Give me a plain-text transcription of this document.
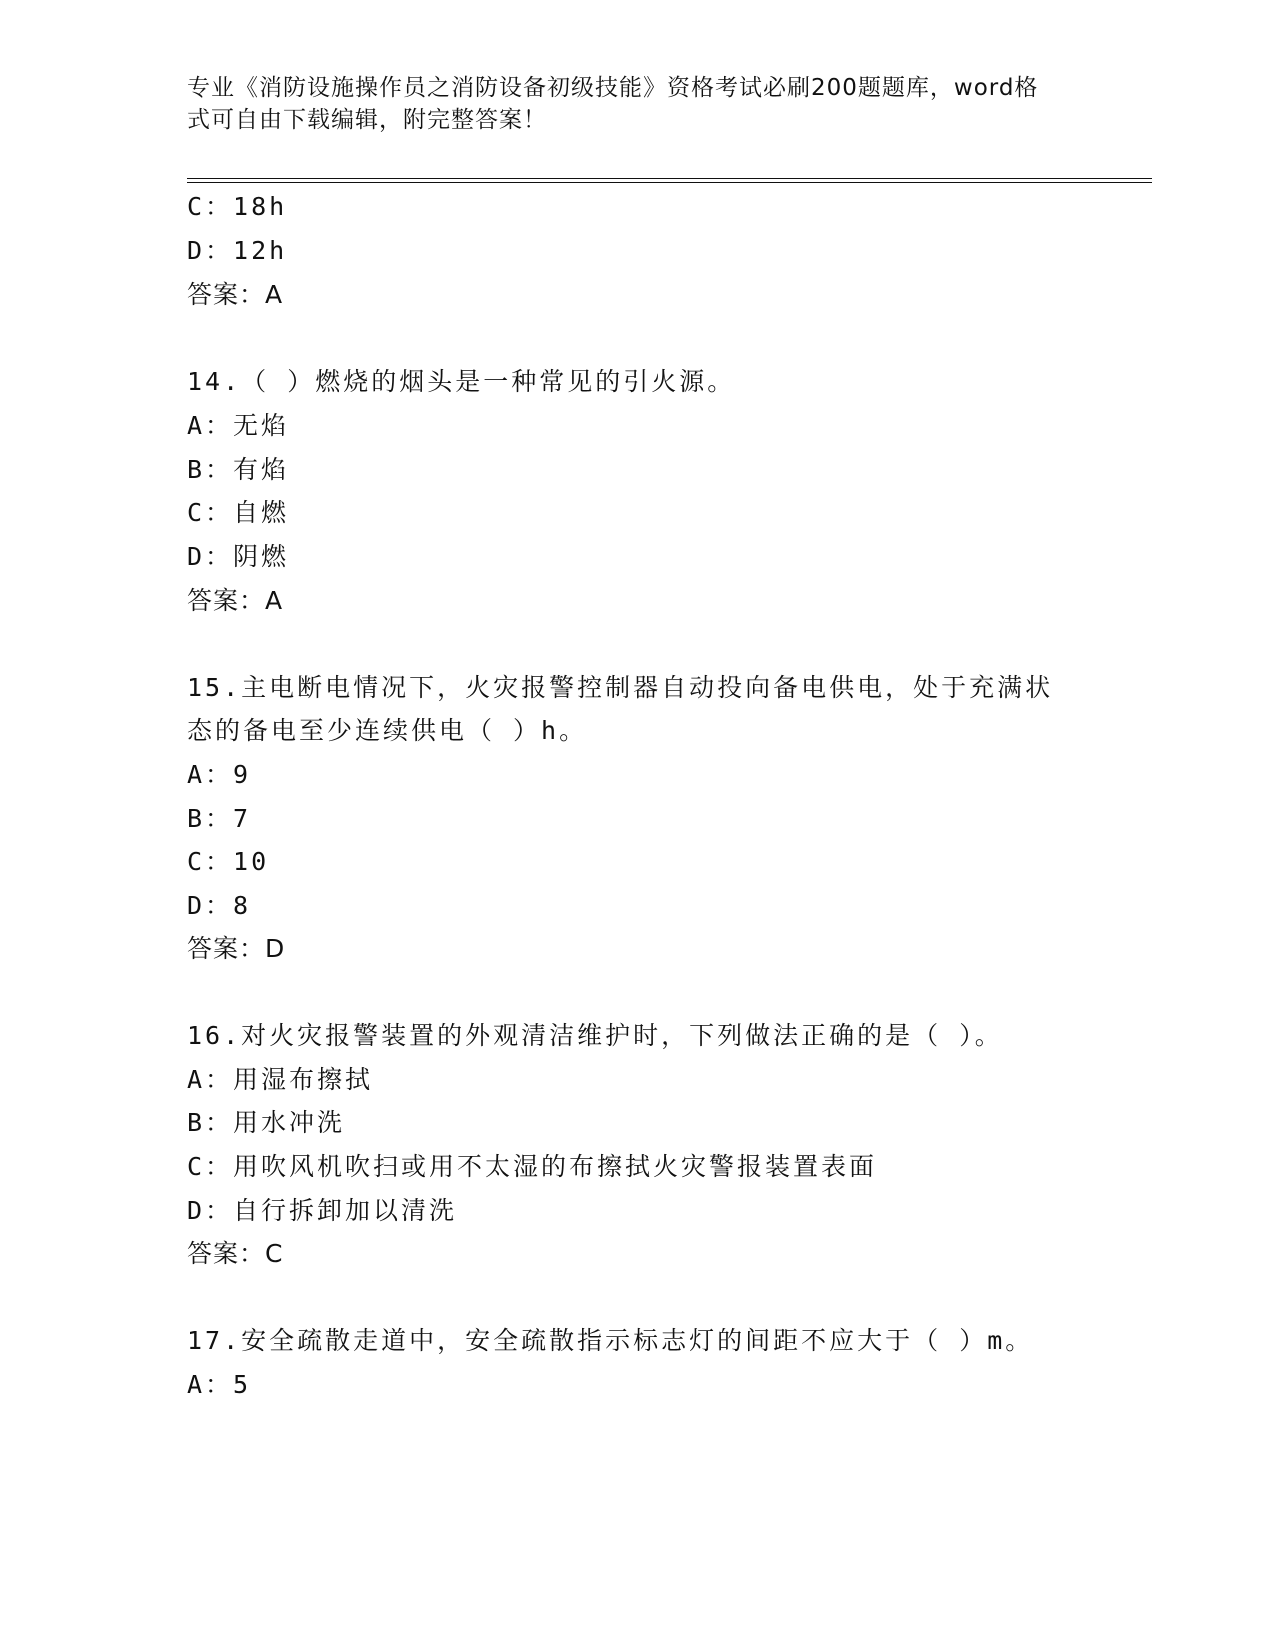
专业《消防设施操作员之消防设备初级技能》资格考试必刷200题题库，word格
式可自由下载编辑，附完整答案！
C：18h
D：12h
答案：A
14.（ ）燃烧的烟头是一种常见的引火源。
A：无焰
B：有焰
C：自燃
D：阴燃
答案：A
15.主电断电情况下，火灾报警控制器自动投向备电供电，处于充满状
态的备电至少连续供电（ ）h。
A：9
B：7
C：10
D：8
答案：D
16.对火灾报警装置的外观清洁维护时，下列做法正确的是（ ）。
A：用湿布擦拭
B：用水冲洗
C：用吹风机吹扫或用不太湿的布擦拭火灾警报装置表面
D：自行拆卸加以清洗
答案：C
17.安全疏散走道中，安全疏散指示标志灯的间距不应大于（ ）m。
A：5
